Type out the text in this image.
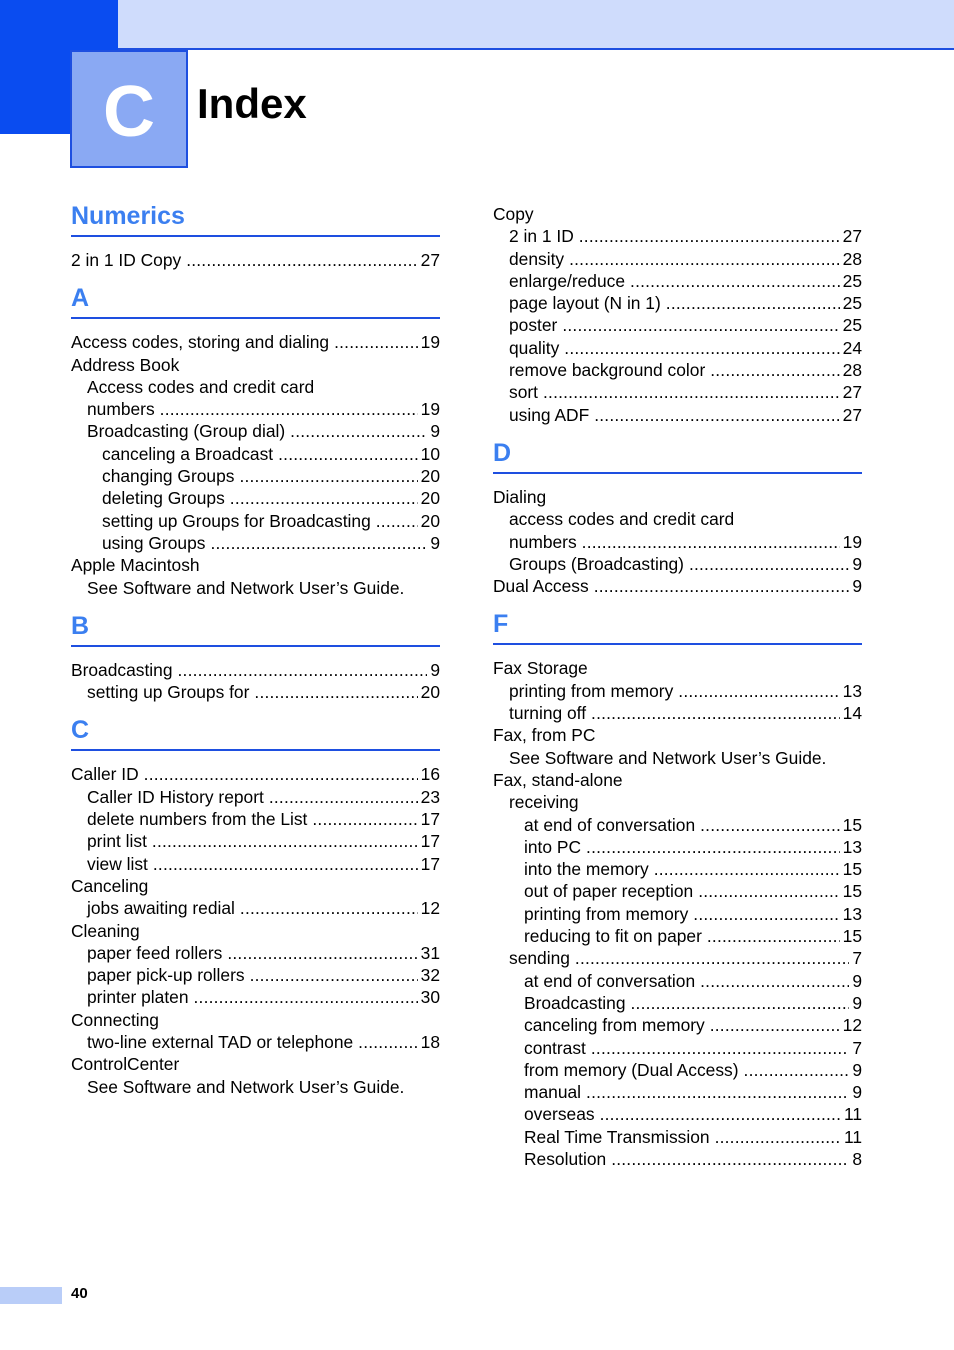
C	Index
Numerics
2 in 1 ID Copy .....	27
A
Access codes, storing and dialing .....	19
Address Book
Access codes and credit card
numbers .....	19
Broadcasting (Group dial) .....	9
canceling a Broadcast .....	10
changing Groups .....	20
deleting Groups .....	20
setting up Groups for Broadcasting .....	20
using Groups .....	9
Apple Macintosh
See Software and Network User’s Guide.
B
Broadcasting .....	9
setting up Groups for .....	20
C
Caller ID .....	16
Caller ID History report .....	23
delete numbers from the List .....	17
print list .....	17
view list .....	17
Canceling
jobs awaiting redial .....	12
Cleaning
paper feed rollers .....	31
paper pick-up rollers .....	32
printer platen .....	30
Connecting
two-line external TAD or telephone .....	18
ControlCenter
See Software and Network User’s Guide.
Copy
2 in 1 ID .....	27
density .....	28
enlarge/reduce .....	25
page layout (N in 1) .....	25
poster .....	25
quality .....	24
remove background color .....	28
sort .....	27
using ADF .....	27
D
Dialing
access codes and credit card
numbers .....	19
Groups (Broadcasting) .....	9
Dual Access .....	9
F
Fax Storage
printing from memory .....	13
turning off .....	14
Fax, from PC
See Software and Network User’s Guide.
Fax, stand-alone
receiving
at end of conversation .....	15
into PC .....	13
into the memory .....	15
out of paper reception .....	15
printing from memory .....	13
reducing to fit on paper .....	15
sending .....	7
at end of conversation .....	9
Broadcasting .....	9
canceling from memory .....	12
contrast .....	7
from memory (Dual Access) .....	9
manual .....	9
overseas .....	11
Real Time Transmission .....	11
Resolution .....	8
40
